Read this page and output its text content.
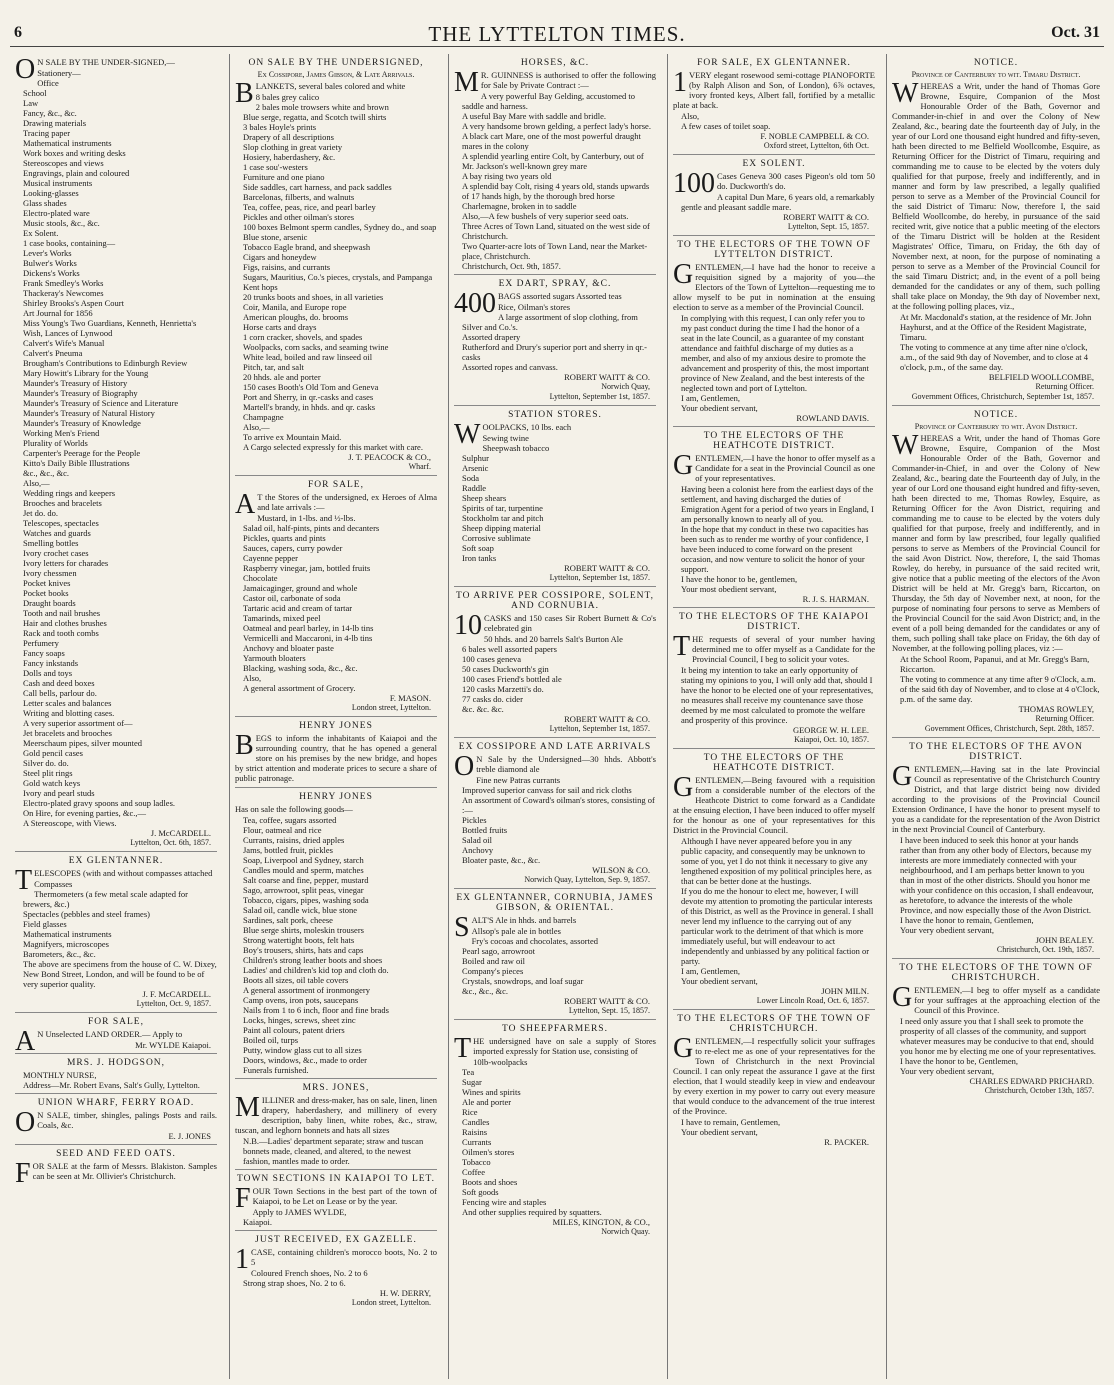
6	THE LYTTELTON TIMES.	Oct. 31
O N SALE BY THE UNDER-SIGNED,—
Stationery—
Office
School
Law
Fancy, &c., &c.
Drawing materials
Tracing paper
Mathematical instruments
Work boxes and writing desks
Stereoscopes and views
Engravings, plain and coloured
Musical instruments
Looking-glasses
Glass shades
Electro-plated ware
Music stools, &c., &c.
Ex Solent.
1 case books, containing—
Lever's Works
Bulwer's Works
Dickens's Works
Frank Smedley's Works
Thackeray's Newcomes
Shirley Brooks's Aspen Court
Art Journal for 1856
Miss Young's Two Guardians, Kenneth, Henrietta's Wish, Lances of Lynwood
Calvert's Wife's Manual
Calvert's Pneuma
Brougham's Contributions to Edinburgh Review
Mary Howitt's Library for the Young
Maunder's Treasury of History
Maunder's Treasury of Biography
Maunder's Treasury of Science and Literature
Maunder's Treasury of Natural History
Maunder's Treasury of Knowledge
Working Men's Friend
Plurality of Worlds
Carpenter's Peerage for the People
Kitto's Daily Bible Illustrations
&c., &c., &c.
Also,—
Wedding rings and keepers
Brooches and bracelets
Jet do. do.
Telescopes, spectacles
Watches and guards
Smelling bottles
Ivory crochet cases
Ivory letters for charades
Ivory chessmen
Pocket knives
Pocket books
Draught boards
Tooth and nail brushes
Hair and clothes brushes
Rack and tooth combs
Perfumery
Fancy soaps
Fancy inkstands
Dolls and toys
Cash and deed boxes
Call bells, parlour do.
Letter scales and balances
Writing and blotting cases.
A very superior assortment of—
Jet bracelets and brooches
Meerschaum pipes, silver mounted
Gold pencil cases
Silver do. do.
Steel plit rings
Gold watch keys
Ivory and pearl studs
Electro-plated gravy spoons and soup ladles.
On Hire, for evening parties, &c.,—
A Stereoscope, with Views.
J. McCARDELL.
Lyttelton, Oct. 6th, 1857.
EX GLENTANNER.
TELESCOPES (with and without compasses attached
Compasses
Thermometers (a few metal scale adapted for brewers, &c.)
Spectacles (pebbles and steel frames)
Field glasses
Mathematical instruments
Magnifyers, microscopes
Barometers, &c., &c.
The above are specimens from the house of C. W. Dixey, New Bond Street, London, and will be found to be of very superior quality.
J. F. McCARDELL.
Lyttelton, Oct. 9, 1857.
FOR SALE,
A N Unselected LAND ORDER.— Apply to
Mr. WYLDE Kaiapoi.
MRS. J. HODGSON,
MONTHLY NURSE,
Address—Mr. Robert Evans, Salt's Gully, Lyttelton.
UNION WHARF, FERRY ROAD.
O N SALE, timber, shingles, palings Posts and rails. Coals, &c.
E. J. JONES
SEED AND FEED OATS.
FOR SALE at the farm of Messrs. Blakiston. Samples can be seen at Mr. Ollivier's Christchurch.
ON SALE BY THE UNDERSIGNED,
Ex Cossipore, James Gibson, & Late Arrivals.
BLANKETS, several bales colored and white
8 bales grey calico
2 bales mole trowsers white and brown
Blue serge, regatta, and Scotch twill shirts
3 bales Hoyle's prints
Drapery of all descriptions
Slop clothing in great variety
Hosiery, haberdashery, &c.
1 case sou'-westers
Furniture and one piano
Side saddles, cart harness, and pack saddles
Barcelonas, filberts, and walnuts
Tea, coffee, peas, rice, and pearl barley
Pickles and other oilman's stores
100 boxes Belmont sperm candles, Sydney do., and soap
Blue stone, arsenic
Tobacco Eagle brand, and sheepwash
Cigars and honeydew
Figs, raisins, and currants
Sugars, Mauritius, Co.'s pieces, crystals, and Pampanga
Kent hops
20 trunks boots and shoes, in all varieties
Coir, Manila, and Europe rope
American ploughs, do. brooms
Horse carts and drays
1 corn cracker, shovels, and spades
Woolpacks, corn sacks, and seaming twine
White lead, boiled and raw linseed oil
Pitch, tar, and salt
20 hhds. ale and porter
150 cases Booth's Old Tom and Geneva
Port and Sherry, in qr.-casks and cases
Martell's brandy, in hhds. and qr. casks
Champagne
Also,—
To arrive ex Mountain Maid.
A Cargo selected expressly for this market with care.
J. T. PEACOCK & CO.,
Wharf.
FOR SALE,
A T the Stores of the undersigned, ex Heroes of Alma and late arrivals :—
Mustard, in 1-lbs. and ½-lbs.
Salad oil, half-pints, pints and decanters
Pickles, quarts and pints
Sauces, capers, curry powder
Cayenne pepper
Raspberry vinegar, jam, bottled fruits
Chocolate
Jamaicaginger, ground and whole
Castor oil, carbonate of soda
Tartaric acid and cream of tartar
Tamarinds, mixed peel
Oatmeal and pearl barley, in 14-lb tins
Vermicelli and Maccaroni, in 4-lb tins
Anchovy and bloater paste
Yarmouth bloaters
Blacking, washing soda, &c., &c.
Also,
A general assortment of Grocery.
F. MASON.
London street, Lyttelton.
HENRY JONES
BEGS to inform the inhabitants of Kaiapoi and the surrounding country, that he has opened a general store on his premises by the new bridge, and hopes by strict attention and moderate prices to secure a share of public patronage.
HENRY JONES
Has on sale the following goods—
Tea, coffee, sugars assorted
Flour, oatmeal and rice
Currants, raisins, dried apples
Jams, bottled fruit, pickles
Soap, Liverpool and Sydney, starch
Candles mould and sperm, matches
Salt coarse and fine, pepper, mustard
Sago, arrowroot, split peas, vinegar
Tobacco, cigars, pipes, washing soda
Salad oil, candle wick, blue stone
Sardines, salt pork, cheese
Blue serge shirts, moleskin trousers
Strong watertight boots, felt hats
Boy's trousers, shirts, hats and caps
Children's strong leather boots and shoes
Ladies' and children's kid top and cloth do.
Boots all sizes, oil table covers
A general assortment of ironmongery
Camp ovens, iron pots, saucepans
Nails from 1 to 6 inch, floor and fine brads
Locks, hinges, screws, sheet zinc
Paint all colours, patent driers
Boiled oil, turps
Putty, window glass cut to all sizes
Doors, windows, &c., made to order
Funerals furnished.
MRS. JONES,
MILLINER and dress-maker, has on sale, linen, linen drapery, haberdashery, and millinery of every description, baby linen, white robes, &c., straw, tuscan, and leghorn bonnets and hats all sizes
N.B.—Ladies' department separate; straw and tuscan bonnets made, cleaned, and altered, to the newest fashion, mantles made to order.
TOWN SECTIONS IN KAIAPOI TO LET.
FOUR Town Sections in the best part of the town of Kaiapoi, to be Let on Lease or by the year.
Apply to JAMES WYLDE,
Kaiapoi.
JUST RECEIVED, EX GAZELLE.
1 CASE, containing children's morocco boots, No. 2 to 5
Coloured French shoes, No. 2 to 6
Strong strap shoes, No. 2 to 6.
H. W. DERRY,
London street, Lyttelton.
HORSES, &C.
M R. GUINNESS is authorised to offer the following for Sale by Private Contract :—
A very powerful Bay Gelding, accustomed to saddle and harness.
A useful Bay Mare with saddle and bridle.
A very handsome brown gelding, a perfect lady's horse.
A black cart Mare, one of the most powerful draught mares in the colony
A splendid yearling entire Colt, by Canterbury, out of Mr. Jackson's well-known grey mare
A bay rising two years old
A splendid bay Colt, rising 4 years old, stands upwards of 17 hands high, by the thorough bred horse Charlemagne, broken in to saddle
Also,—A few bushels of very superior seed oats.
Three Acres of Town Land, situated on the west side of Christchurch.
Two Quarter-acre lots of Town Land, near the Market-place, Christchurch.
Christchurch, Oct. 9th, 1857.
EX DART, SPRAY, &C.
400 BAGS assorted sugars Assorted teas
Rice, Oilman's stores
A large assortment of slop clothing, from Silver and Co.'s.
Assorted drapery
Rutherford and Drury's superior port and sherry in qr.-casks
Assorted ropes and canvass.
ROBERT WAITT & CO.
Norwich Quay,
Lyttelton, September 1st, 1857.
STATION STORES.
WOOLPACKS, 10 lbs. each
Sewing twine
Sheepwash tobacco
Sulphur
Arsenic
Soda
Raddle
Sheep shears
Spirits of tar, turpentine
Stockholm tar and pitch
Sheep dipping material
Corrosive sublimate
Soft soap
Iron tanks
ROBERT WAITT & CO.
Lyttelton, September 1st, 1857.
TO ARRIVE PER COSSIPORE, SOLENT, AND CORNUBIA.
10 CASKS and 150 cases Sir Robert Burnett & Co's celebrated gin
50 hhds. and 20 barrels Salt's Burton Ale
6 bales well assorted papers
100 cases geneva
50 cases Duckworth's gin
100 cases Friend's bottled ale
120 casks Marzetti's do.
77 casks do. cider
&c. &c. &c.
ROBERT WAITT & CO.
Lyttelton, September 1st, 1857.
EX COSSIPORE AND LATE ARRIVALS
O N Sale by the Undersigned—30 hhds. Abbott's treble diamond ale
Fine new Patras currants
Improved superior canvass for sail and rick cloths
An assortment of Coward's oilman's stores, consisting of :—
Pickles
Bottled fruits
Salad oil
Anchovy
Bloater paste, &c., &c.
WILSON & CO.
Norwich Quay, Lyttelton, Sep. 9, 1857.
EX GLENTANNER, CORNUBIA, JAMES GIBSON, & ORIENTAL.
SALT'S Ale in hhds. and barrels
Allsop's pale ale in bottles
Fry's cocoas and chocolates, assorted
Pearl sago, arrowroot
Boiled and raw oil
Company's pieces
Crystals, snowdrops, and loaf sugar
&c., &c., &c.
ROBERT WAITT & CO.
Lyttelton, Sept. 15, 1857.
TO SHEEPFARMERS.
THE undersigned have on sale a supply of Stores imported expressly for Station use, consisting of
10lb-woolpacks
Tea
Sugar
Wines and spirits
Ale and porter
Rice
Candles
Raisins
Currants
Oilmen's stores
Tobacco
Coffee
Boots and shoes
Soft goods
Fencing wire and staples
And other supplies required by squatters.
MILES, KINGTON, & CO.,
Norwich Quay.
FOR SALE, EX GLENTANNER.
1 VERY elegant rosewood semi-cottage PIANOFORTE (by Ralph Alison and Son, of London), 6⅞ octaves, ivory fronted keys, Albert fall, fortified by a metallic plate at back.
Also,
A few cases of toilet soap.
F. NOBLE CAMPBELL & CO.
Oxford street, Lyttelton, 6th Oct.
EX SOLENT.
100 Cases Geneva 300 cases Pigeon's old tom 50 do. Duckworth's do.
A capital Dun Mare, 6 years old, a remarkably gentle and pleasant saddle mare.
ROBERT WAITT & CO.
Lyttelton, Sept. 15, 1857.
TO THE ELECTORS OF THE TOWN OF LYTTELTON DISTRICT.
GENTLEMEN,—I have had the honor to receive a requisition signed by a majority of you—the Electors of the Town of Lyttelton—requesting me to allow myself to be put in nomination at the ensuing election to serve as a member of the Provincial Council.
In complying with this request, I can only refer you to my past conduct during the time I had the honor of a seat in the late Council, as a guarantee of my constant attendance and faithful discharge of my duties as a member, and also of my anxious desire to promote the advancement and prosperity of this, the most important province of New Zealand, and the best interests of the neglected town and port of Lyttelton.
I am, Gentlemen,
Your obedient servant,
ROWLAND DAVIS.
TO THE ELECTORS OF THE HEATHCOTE DISTRICT.
GENTLEMEN,—I have the honor to offer myself as a Candidate for a seat in the Provincial Council as one of your representatives.
Having been a colonist here from the earliest days of the settlement, and having discharged the duties of Emigration Agent for a period of two years in England, I am personally known to nearly all of you.
In the hope that my conduct in these two capacities has been such as to render me worthy of your confidence, I have been induced to come forward on the present occasion, and now venture to solicit the honor of your support.
I have the honor to be, gentlemen,
Your most obedient servant,
R. J. S. HARMAN.
TO THE ELECTORS OF THE KAIAPOI DISTRICT.
THE requests of several of your number having determined me to offer myself as a Candidate for the Provincial Council, I beg to solicit your votes.
It being my intention to take an early opportunity of stating my opinions to you, I will only add that, should I have the honor to be elected one of your representatives, no measures shall receive my countenance save those deemed by me most calculated to promote the welfare and prosperity of this province.
GEORGE W. H. LEE.
Kaiapoi, Oct. 10, 1857.
TO THE ELECTORS OF THE HEATHCOTE DISTRICT.
GENTLEMEN,—Being favoured with a requisition from a considerable number of the electors of the Heathcote District to come forward as a Candidate at the ensuing election, I have been induced to offer myself for the honour as one of your representatives for this District in the Provincial Council.
Although I have never appeared before you in any public capacity, and consequently may be unknown to some of you, yet I do not think it necessary to give any lengthened exposition of my political principles here, as that can be better done at the hustings.
If you do me the honour to elect me, however, I will devote my attention to promoting the particular interests of this District, as well as the Province in general. I shall never lend my influence to the carrying out of any particular work to the detriment of that which is more immediately useful, but will endeavour to act independently and unbiassed by any political faction or party.
I am, Gentlemen,
Your obedient servant,
JOHN MILN.
Lower Lincoln Road, Oct. 6, 1857.
TO THE ELECTORS OF THE TOWN OF CHRISTCHURCH.
GENTLEMEN,—I respectfully solicit your suffrages to re-elect me as one of your representatives for the Town of Christchurch in the next Provincial Council. I can only repeat the assurance I gave at the first election, that I would steadily keep in view and endeavour by every exertion in my power to carry out every measure that would conduce to the advancement of the true interest of the Province.
I have to remain, Gentlemen,
Your obedient servant,
R. PACKER.
NOTICE.
Province of Canterbury to wit. Timaru District.
WHEREAS a Writ, under the hand of Thomas Gore Browne, Esquire, Companion of the Most Honourable Order of the Bath, Governor and Commander-in-chief in and over the Colony of New Zealand, &c., bearing date the fourteenth day of July, in the year of our Lord one thousand eight hundred and fifty-seven, hath been directed to me Belfield Woollcombe, Esquire, as Returning Officer for the District of Timaru, requiring and commanding me to cause to be elected by the voters duly qualified for that purpose, freely and indifferently, and in manner and form by law prescribed, a legally qualified person to serve as a Member of the Provincial Council for the said District of Timaru: Now, therefore I, the said Belfield Woollcombe, do hereby, in pursuance of the said recited writ, give notice that a public meeting of the electors of the Timaru District will be holden at the Resident Magistrates' Office, Timaru, on Friday, the 6th day of November next, at noon, for the purpose of nominating a person to serve as a Member of the Provincial Council for the said Timaru District; and, in the event of a poll being demanded for the candidates or any of them, such polling shall take place on Monday, the 9th day of November next, at the following polling places, viz.,
At Mr. Macdonald's station, at the residence of Mr. John Hayhurst, and at the Office of the Resident Magistrate, Timaru.
The voting to commence at any time after nine o'clock, a.m., of the said 9th day of November, and to close at 4 o'clock, p.m., of the same day.
BELFIELD WOOLLCOMBE,
Returning Officer.
Government Offices, Christchurch, September 1st, 1857.
NOTICE.
Province of Canterbury to wit. Avon District.
WHEREAS a Writ, under the hand of Thomas Gore Browne, Esquire, Companion of the Most Honourable Order of the Bath, Governor and Commander-in-Chief, in and over the Colony of New Zealand, &c., bearing date the Fourteenth day of July, in the year of our Lord one thousand eight hundred and fifty-seven, hath been directed to me, Thomas Rowley, Esquire, as Returning Officer for the Avon District, requiring and commanding me to cause to be elected by the voters duly qualified for that purpose, freely and indifferently, and in manner and form by law prescribed, four legally qualified persons to serve as Members of the Provincial Council for the said Avon District. Now, therefore, I, the said Thomas Rowley, do hereby, in pursuance of the said recited writ, give notice that a public meeting of the electors of the Avon District will be held at Mr. Gregg's barn, Riccarton, on Thursday, the 5th day of November next, at noon, for the purpose of nominating four persons to serve as Members of the Provincial Council for the said Avon District; and, in the event of a poll being demanded for the candidates or any of them, such polling shall take place on Friday, the 6th day of November, at the following polling places, viz :—
At the School Room, Papanui, and at Mr. Gregg's Barn, Riccarton.
The voting to commence at any time after 9 o'Clock, a.m. of the said 6th day of November, and to close at 4 o'Clock, p.m. of the same day.
THOMAS ROWLEY,
Returning Officer.
Government Offices, Christchurch, Sept. 28th, 1857.
TO THE ELECTORS OF THE AVON DISTRICT.
GENTLEMEN,—Having sat in the late Provincial Council as representative of the Christchurch Country District, and that large district being now divided according to the provisions of the Provincial Council Extension Ordinance, I have the honor to present myself to you as a candidate for the representation of the Avon District in the next Provincial Council of Canterbury.
I have been induced to seek this honor at your hands rather than from any other body of Electors, because my interests are more immediately connected with your neighbourhood, and I am perhaps better known to you than in most of the other districts. Should you honor me with your confidence on this occasion, I shall endeavour, as heretofore, to advance the interests of the whole Province, and now especially those of the Avon District.
I have the honor to remain, Gentlemen,
Your very obedient servant,
JOHN BEALEY.
Christchurch, Oct. 19th, 1857.
TO THE ELECTORS OF THE TOWN OF CHRISTCHURCH.
GENTLEMEN,—I beg to offer myself as a candidate for your suffrages at the approaching election of the Council of this Province.
I need only assure you that I shall seek to promote the prosperity of all classes of the community, and support whatever measures may be conducive to that end, should you honor me by electing me one of your representatives.
I have the honor to be, Gentlemen,
Your very obedient servant,
CHARLES EDWARD PRICHARD.
Christchurch, October 13th, 1857.
